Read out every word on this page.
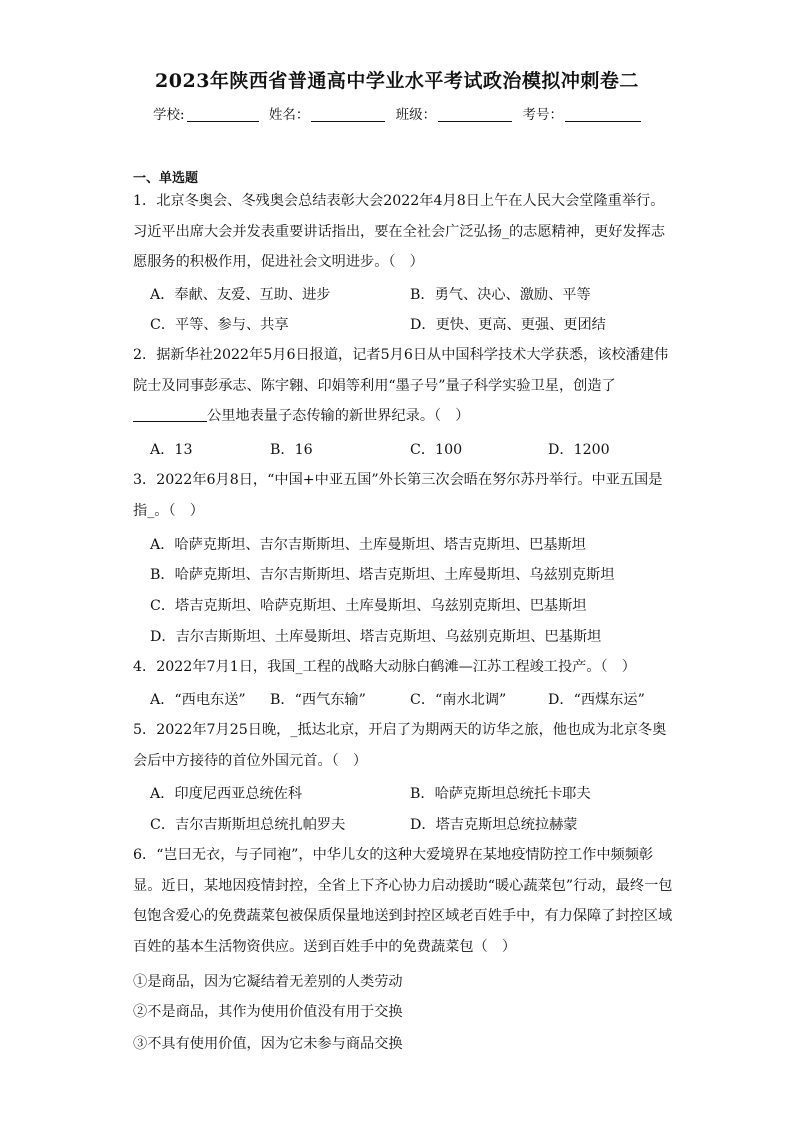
2023年陕西省普通高中学业水平考试政治模拟冲刺卷二
学校:	姓名：	班级：	考号：
一、单选题
1．北京冬奥会、冬残奥会总结表彰大会2022年4月8日上午在人民大会堂隆重举行。习近平出席大会并发表重要讲话指出，要在全社会广泛弘扬_的志愿精神，更好发挥志愿服务的积极作用，促进社会文明进步。（　）
A．奉献、友爱、互助、进步	B．勇气、决心、激励、平等
C．平等、参与、共享	D．更快、更高、更强、更团结
2．据新华社2022年5月6日报道，记者5月6日从中国科学技术大学获悉，该校潘建伟院士及同事彭承志、陈宇翱、印娟等利用“墨子号”量子科学实验卫星，创造了公里地表量子态传输的新世界纪录。（　）
A．13	B．16	C．100	D．1200
3．2022年6月8日，“中国+中亚五国”外长第三次会晤在努尔苏丹举行。中亚五国是指_。（　）
A．哈萨克斯坦、吉尔吉斯斯坦、土库曼斯坦、塔吉克斯坦、巴基斯坦
B．哈萨克斯坦、吉尔吉斯斯坦、塔吉克斯坦、土库曼斯坦、乌兹别克斯坦
C．塔吉克斯坦、哈萨克斯坦、土库曼斯坦、乌兹别克斯坦、巴基斯坦
D．吉尔吉斯斯坦、土库曼斯坦、塔吉克斯坦、乌兹别克斯坦、巴基斯坦
4．2022年7月1日，我国_工程的战略大动脉白鹤滩—江苏工程竣工投产。（　）
A．“西电东送” B．“西气东输”	C．“南水北调”	D．“西煤东运”
5．2022年7月25日晚，_抵达北京，开启了为期两天的访华之旅，他也成为北京冬奥会后中方接待的首位外国元首。（　）
A．印度尼西亚总统佐科	B．哈萨克斯坦总统托卡耶夫
C．吉尔吉斯斯坦总统扎帕罗夫	D．塔吉克斯坦总统拉赫蒙
6．“岂曰无衣，与子同袍”，中华儿女的这种大爱境界在某地疫情防控工作中频频彰显。近日，某地因疫情封控，全省上下齐心协力启动援助“暖心蔬菜包”行动，最终一包包饱含爱心的免费蔬菜包被保质保量地送到封控区域老百姓手中，有力保障了封控区域百姓的基本生活物资供应。送到百姓手中的免费蔬菜包（　）
①是商品，因为它凝结着无差别的人类劳动
②不是商品，其作为使用价值没有用于交换
③不具有使用价值，因为它未参与商品交换
